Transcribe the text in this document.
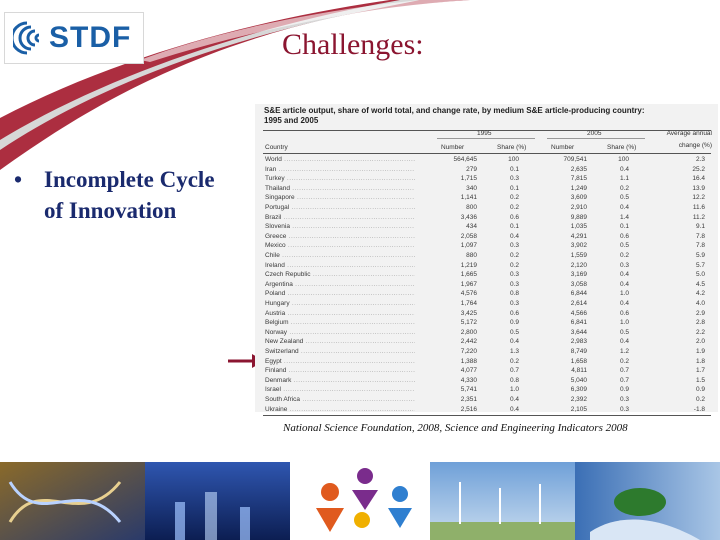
STDF	Challenges:
• Incomplete Cycle
of Innovation
S&E article output, share of world total, and change rate, by medium S&E article-producing country:
1995 and 2005
1995	2005	Average annual
Country	Number	Share (%)	Number	Share (%)	change (%)
World .....	564,645	100	709,541	100	2.3
Iran .....	279	0.1	2,635	0.4	25.2
Turkey .....	1,715	0.3	7,815	1.1	16.4
Thailand .....	340	0.1	1,249	0.2	13.9
Singapore .....	1,141	0.2	3,609	0.5	12.2
Portugal .....	800	0.2	2,910	0.4	11.6
Brazil .....	3,436	0.6	9,889	1.4	11.2
Slovenia .....	434	0.1	1,035	0.1	9.1
Greece .....	2,058	0.4	4,291	0.6	7.8
Mexico .....	1,097	0.3	3,902	0.5	7.8
Chile .....	880	0.2	1,559	0.2	5.9
Ireland .....	1,219	0.2	2,120	0.3	5.7
Czech Republic .....	1,665	0.3	3,169	0.4	5.0
Argentina .....	1,967	0.3	3,058	0.4	4.5
Poland .....	4,576	0.8	6,844	1.0	4.2
Hungary .....	1,764	0.3	2,614	0.4	4.0
Austria .....	3,425	0.6	4,566	0.6	2.9
Belgium .....	5,172	0.9	6,841	1.0	2.8
Norway .....	2,800	0.5	3,644	0.5	2.2
New Zealand .....	2,442	0.4	2,983	0.4	2.0
Switzerland .....	7,220	1.3	8,749	1.2	1.9
Egypt .....	1,388	0.2	1,658	0.2	1.8
Finland .....	4,077	0.7	4,811	0.7	1.7
Denmark .....	4,330	0.8	5,040	0.7	1.5
Israel .....	5,741	1.0	6,309	0.9	0.9
South Africa .....	2,351	0.4	2,392	0.3	0.2
Ukraine .....	2,516	0.4	2,105	0.3	-1.8
National Science Foundation, 2008, Science and Engineering Indicators 2008
